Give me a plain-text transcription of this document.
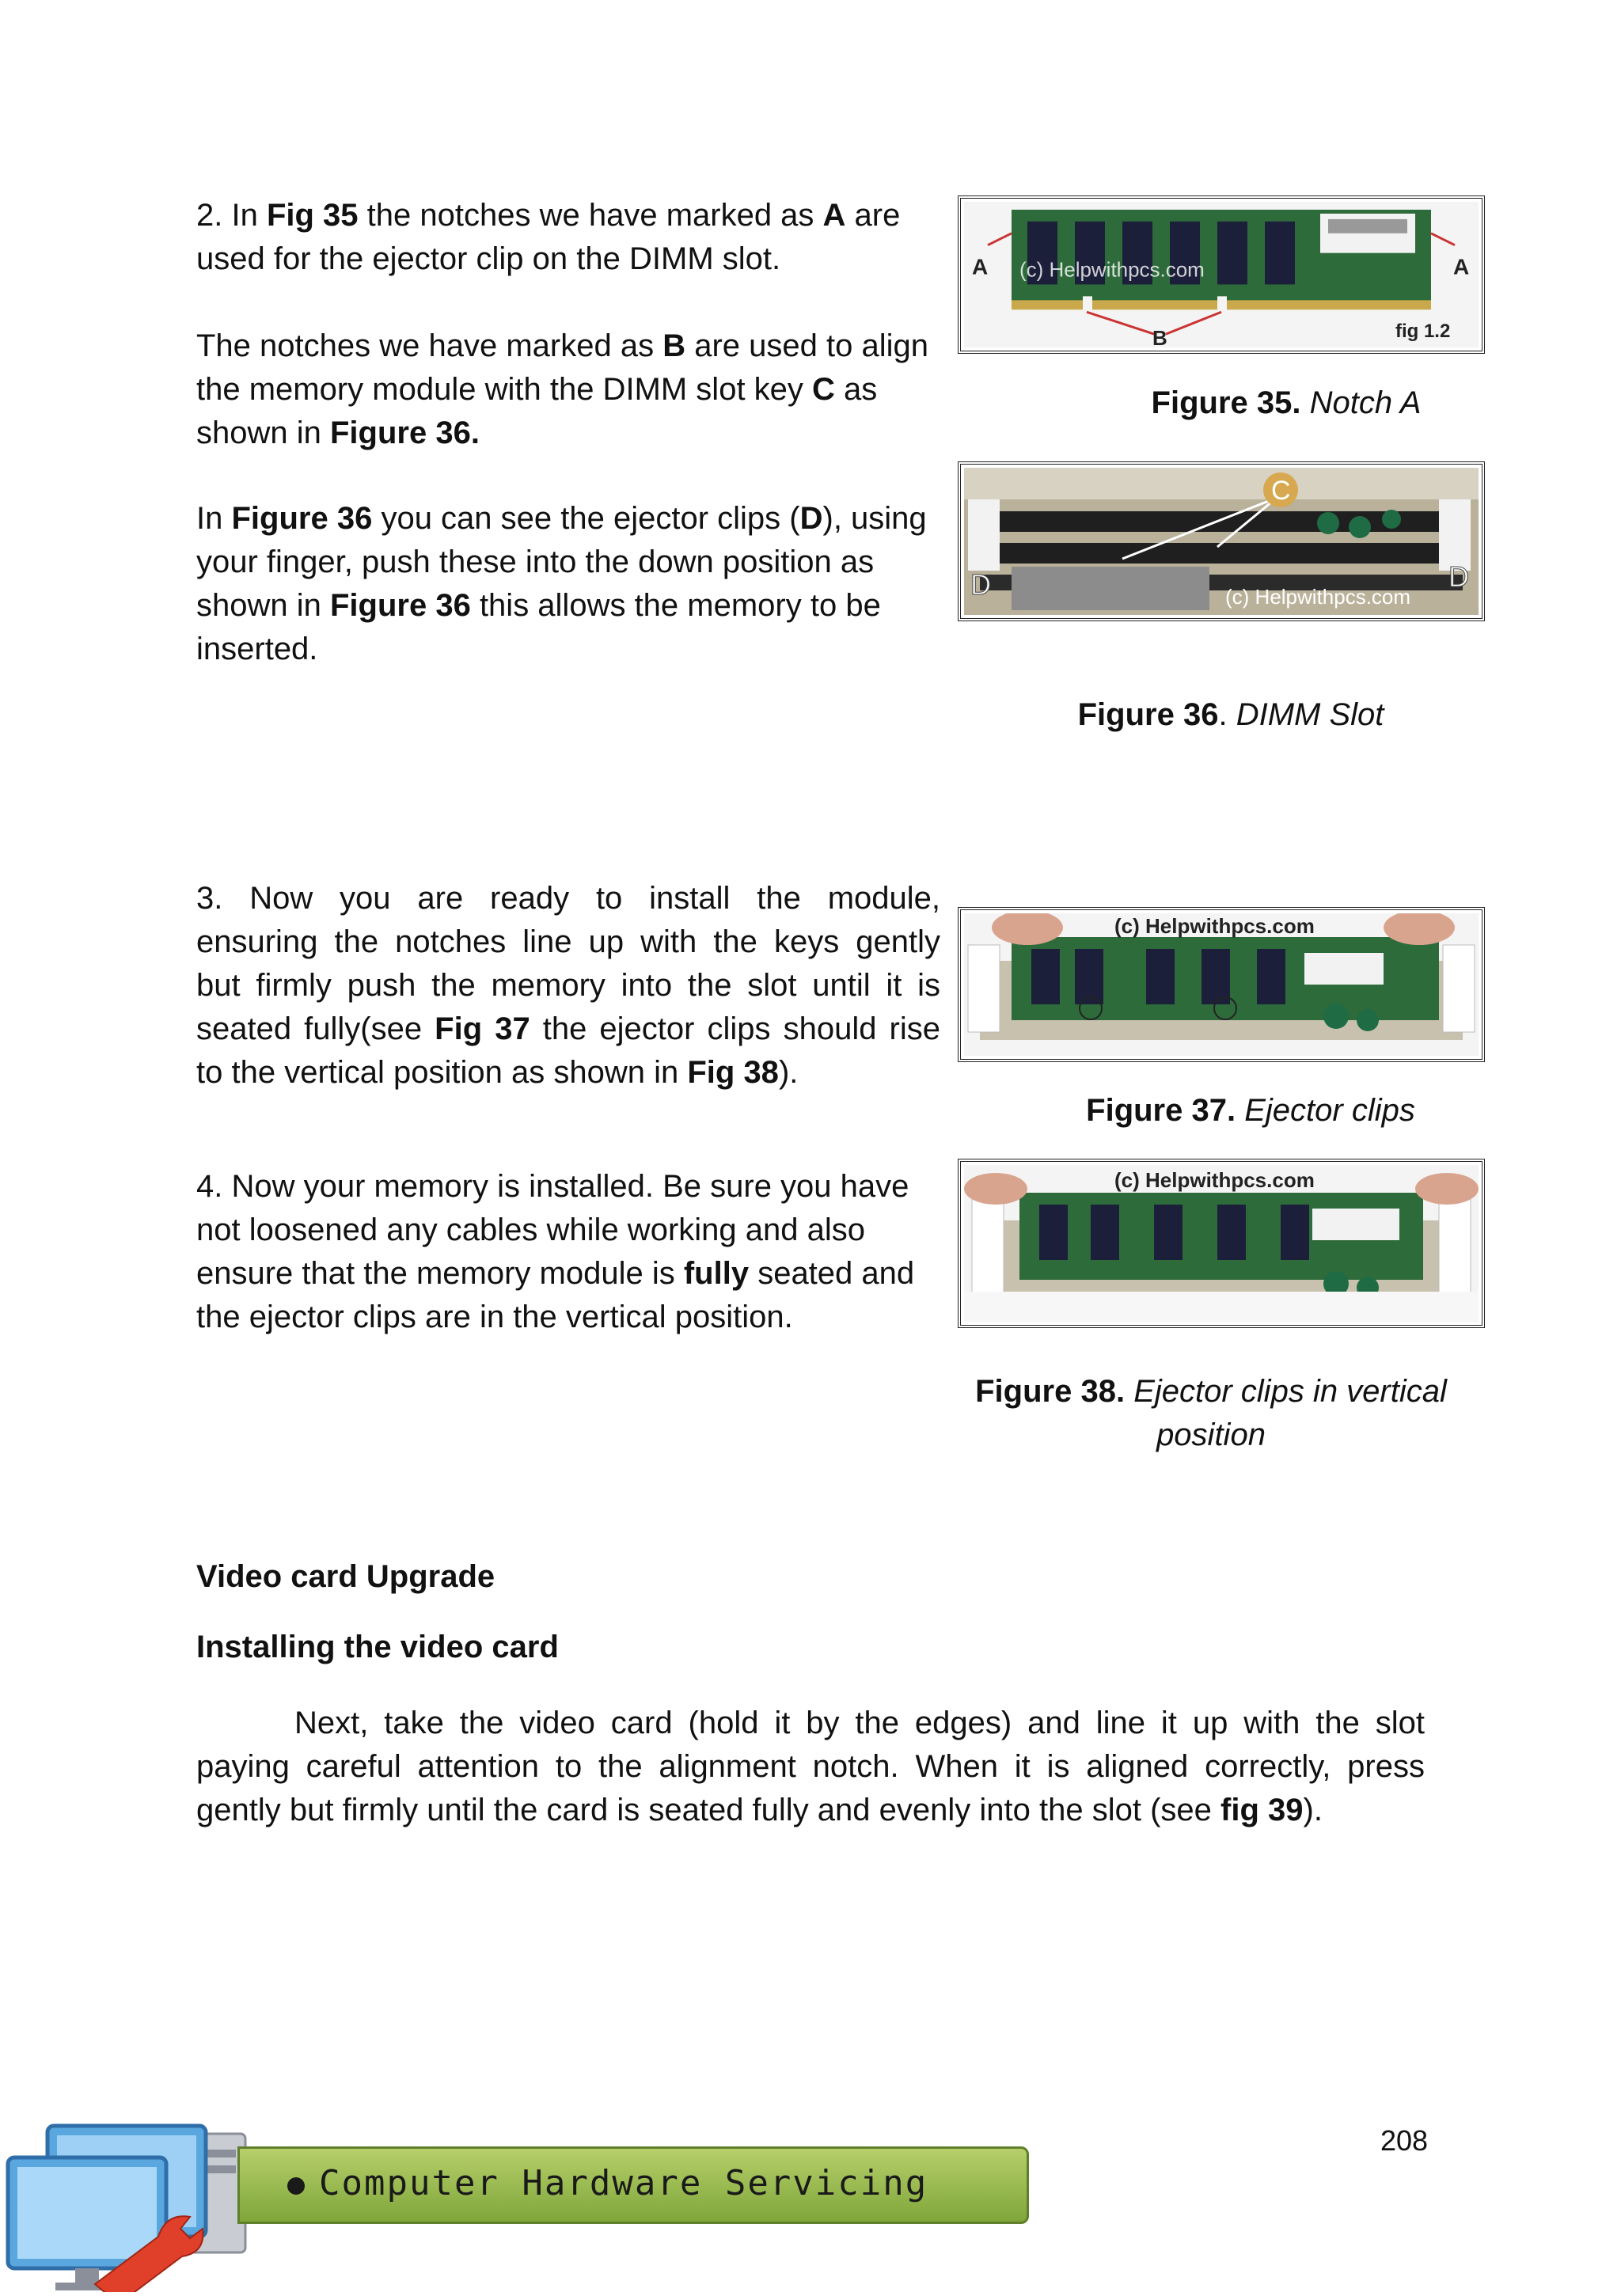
2. In Fig 35 the notches we have marked as A are
used for the ejector clip on the DIMM slot.
The notches we have marked as B are used to align
the memory module with the DIMM slot key C as
shown in Figure 36.
In Figure 36 you can see the ejector clips (D), using
your finger, push these into the down position as
shown in Figure 36 this allows the memory to be
inserted.
A	A
B	fig 1.2
(c) Helpwithpcs.com
Figure 35. Notch A
C
D	D
(c) Helpwithpcs.com
Figure 36. DIMM Slot
3. Now you are ready to install the module,
ensuring the notches line up with the keys gently
but firmly push the memory into the slot until it is
seated fully(see Fig 37 the ejector clips should rise
to the vertical position as shown in Fig 38).
(c) Helpwithpcs.com
Figure 37. Ejector clips
4. Now your memory is installed. Be sure you have
not loosened any cables while working and also
ensure that the memory module is fully seated and
the ejector clips are in the vertical position.
(c) Helpwithpcs.com
Figure 38. Ejector clips in vertical
position
Video card Upgrade
Installing the video card
Next, take the video card (hold it by the edges) and line it up with the slot
paying careful attention to the alignment notch. When it is aligned correctly, press
gently but firmly until the card is seated fully and evenly into the slot (see fig 39).
208
Computer Hardware Servicing
